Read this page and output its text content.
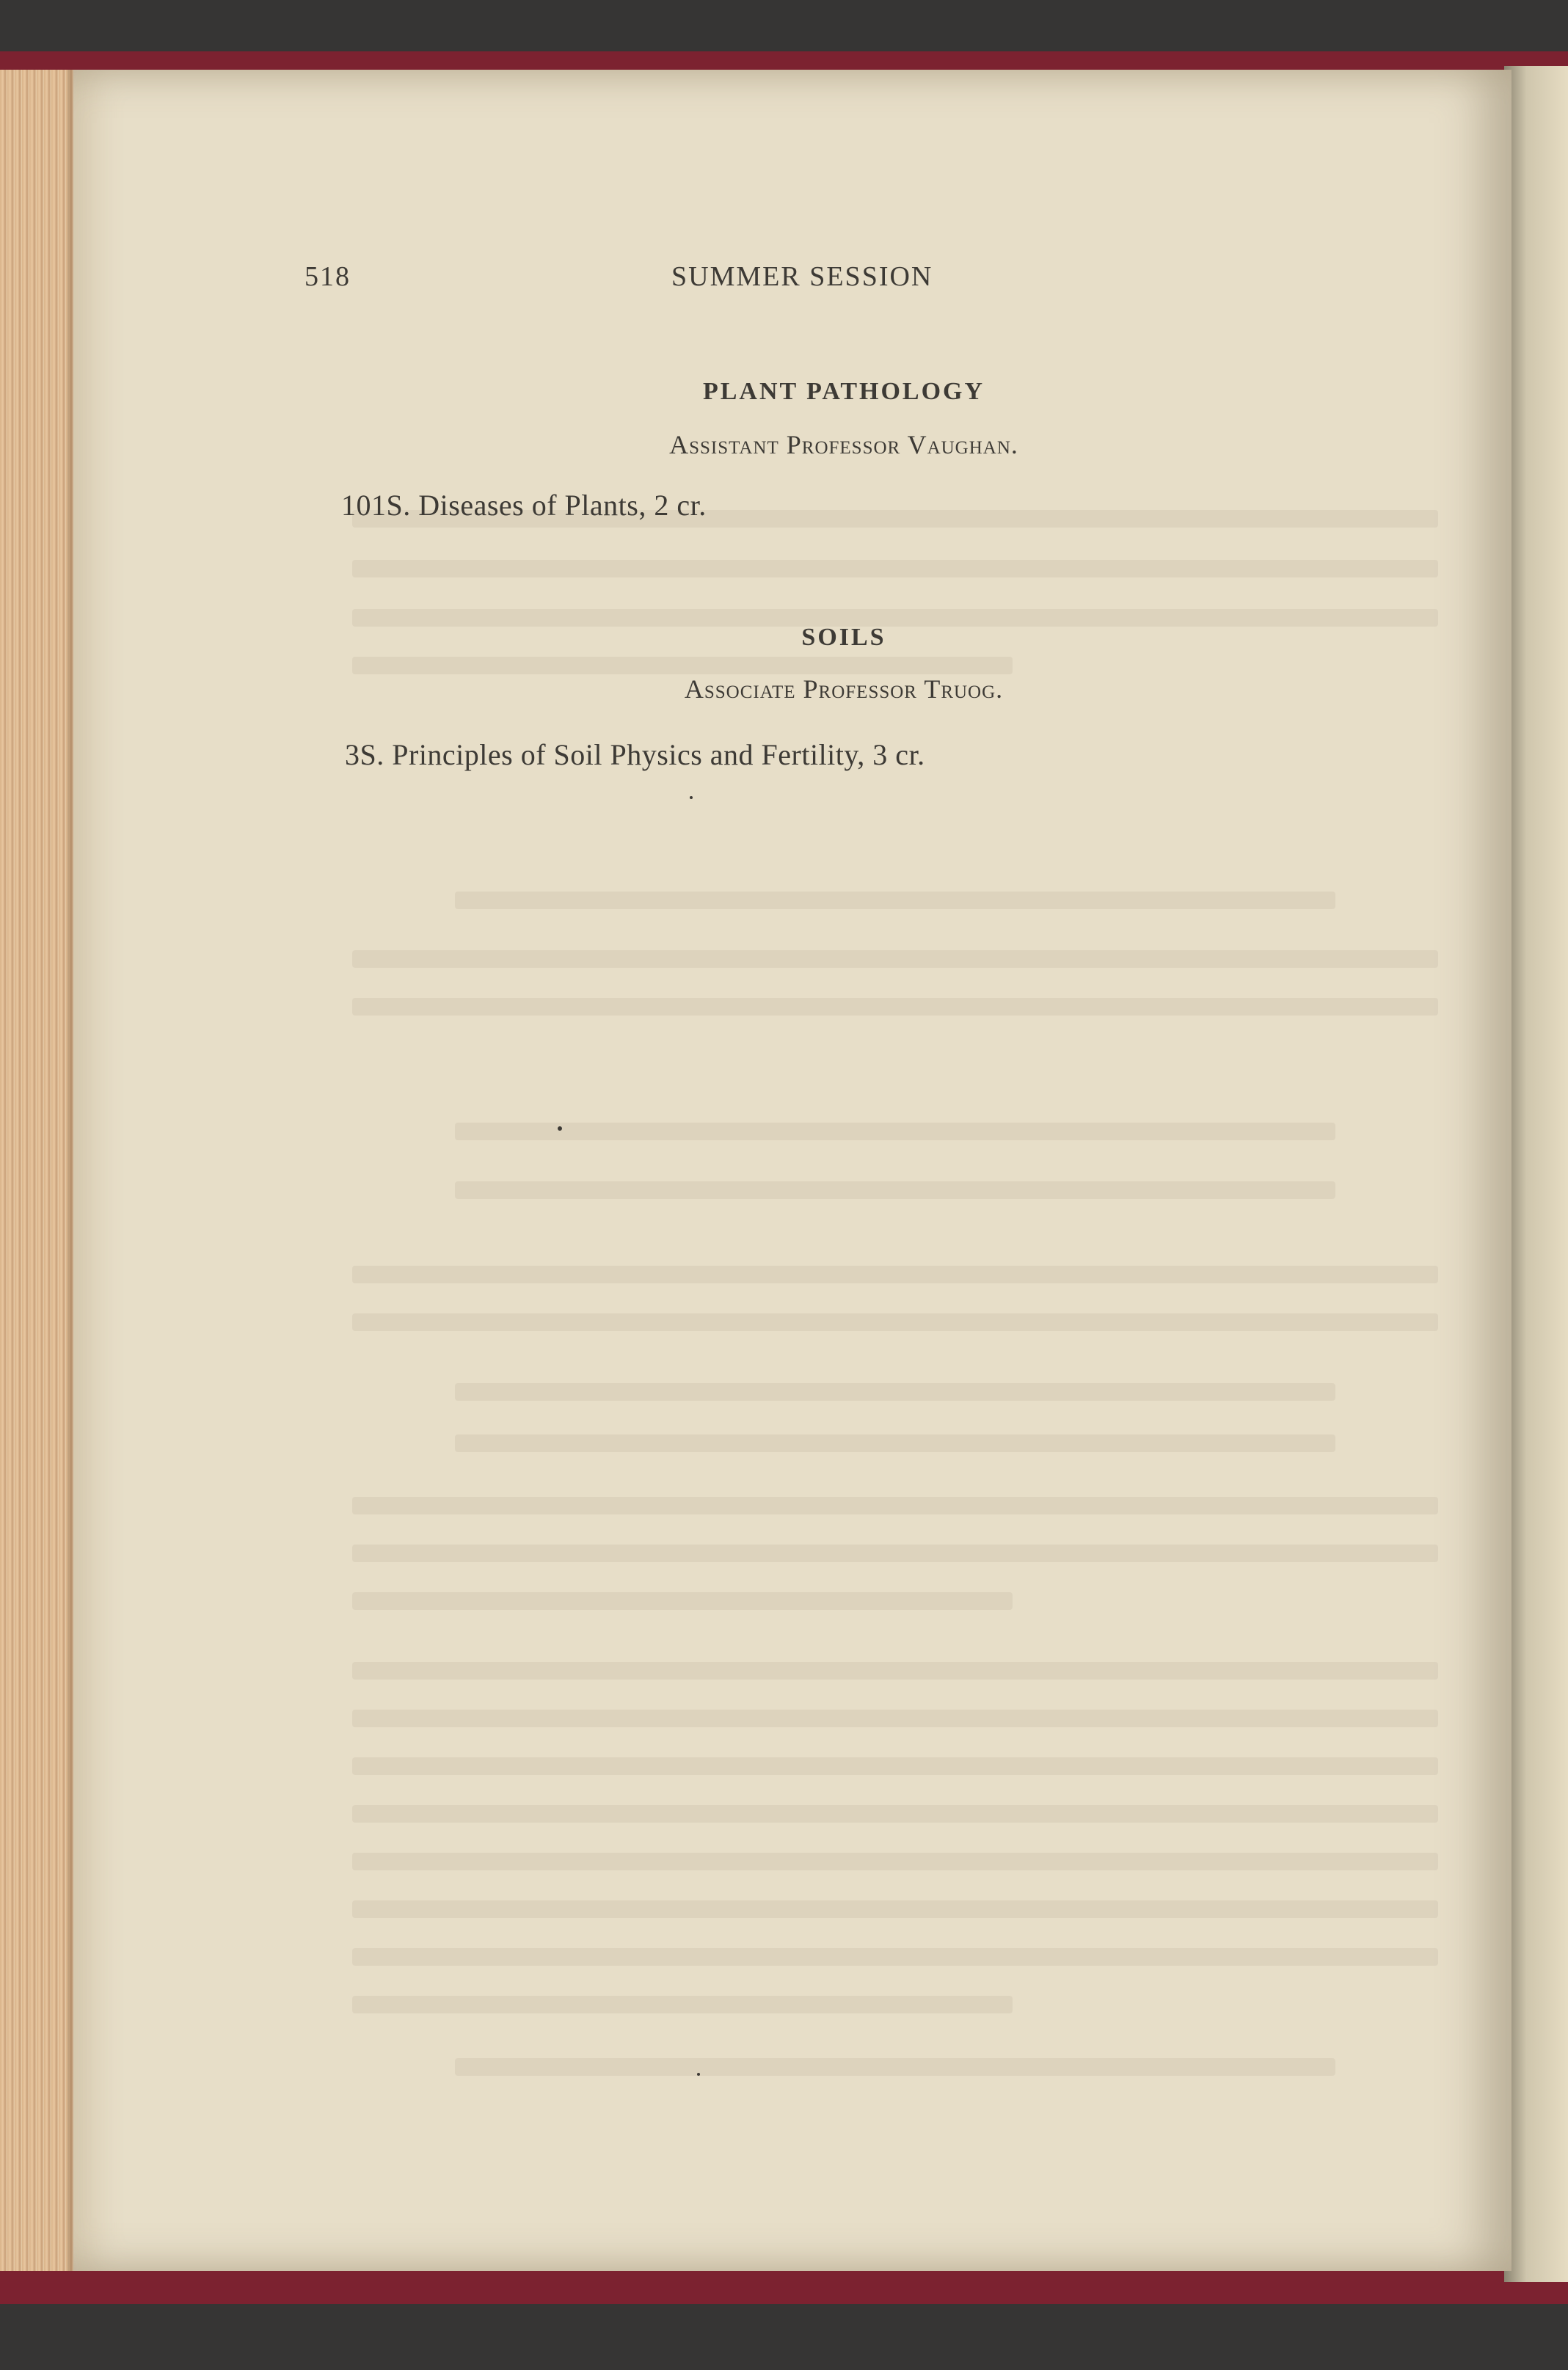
518	SUMMER SESSION

PLANT PATHOLOGY

Assistant Professor Vaughan.

101S. Diseases of Plants, 2 cr.

SOILS

Associate Professor Truog.

3S. Principles of Soil Physics and Fertility, 3 cr.
